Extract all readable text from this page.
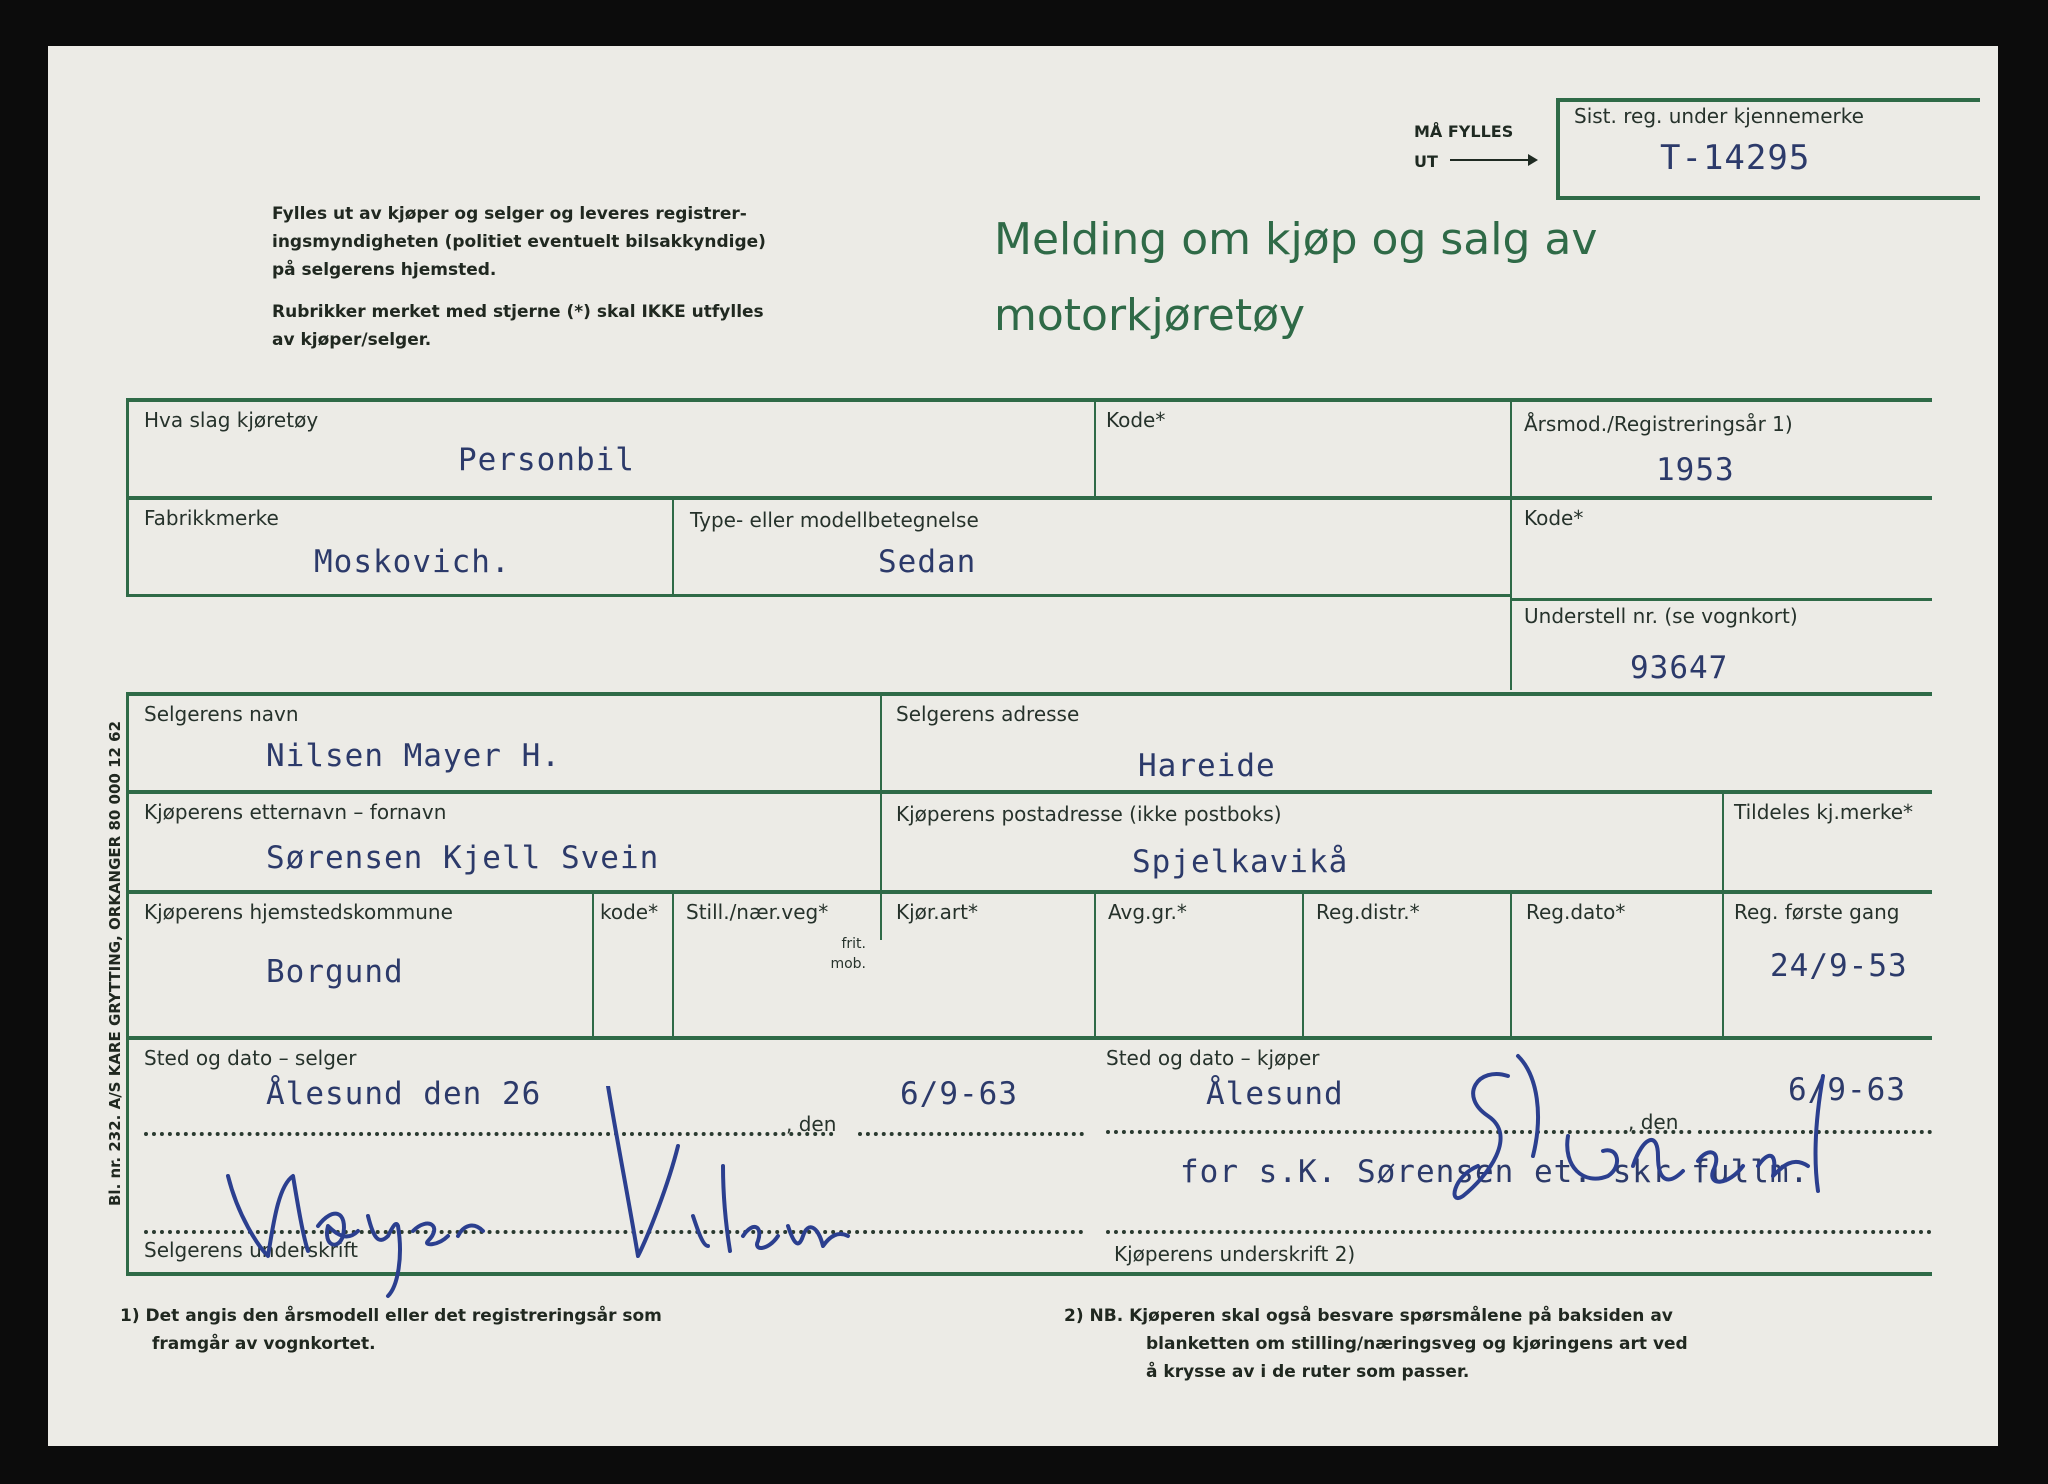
Fylles ut av kjøper og selger og leveres registrer-
ingsmyndigheten (politiet eventuelt bilsakkyndige)
på selgerens hjemsted.
Rubrikker merket med stjerne (*) skal IKKE utfylles
av kjøper/selger.
Melding om kjøp og salg av
motorkjøretøy
MÅ FYLLES
UT
Sist. reg. under kjennemerke
T-14295
Hva slag kjøretøy
Personbil
Kode*	Årsmod./Registreringsår 1)
1953
Fabrikkmerke
Moskovich.
Type- eller modellbetegnelse
Sedan
Kode*
Understell nr. (se vognkort)
93647
Selgerens navn
Nilsen Mayer H.
Selgerens adresse
Hareide
Kjøperens etternavn – fornavn
Sørensen Kjell Svein
Kjøperens postadresse (ikke postboks)
Spjelkavikå
Tildeles kj.merke*
Kjøperens hjemstedskommune
Borgund
kode* Still./nær.veg*
frit. mob.
Kjør.art*	Avg.gr.*	Reg.distr.*	Reg.dato*	Reg. første gang
24/9-53
Sted og dato – selger
Ålesund den 26	6/9-63
, den
Sted og dato – kjøper
Ålesund	6/9-63
, den
for s.K. Sørensen et. skr fullm.
Selgerens underskrift	Kjøperens underskrift 2)
1) Det angis den årsmodell eller det registreringsår som
framgår av vognkortet.
2) NB. Kjøperen skal også besvare spørsmålene på baksiden av
blanketten om stilling/næringsveg og kjøringens art ved
å krysse av i de ruter som passer.
Bl. nr. 232. A/S KARE GRYTTING, ORKANGER 80 000 12 62
